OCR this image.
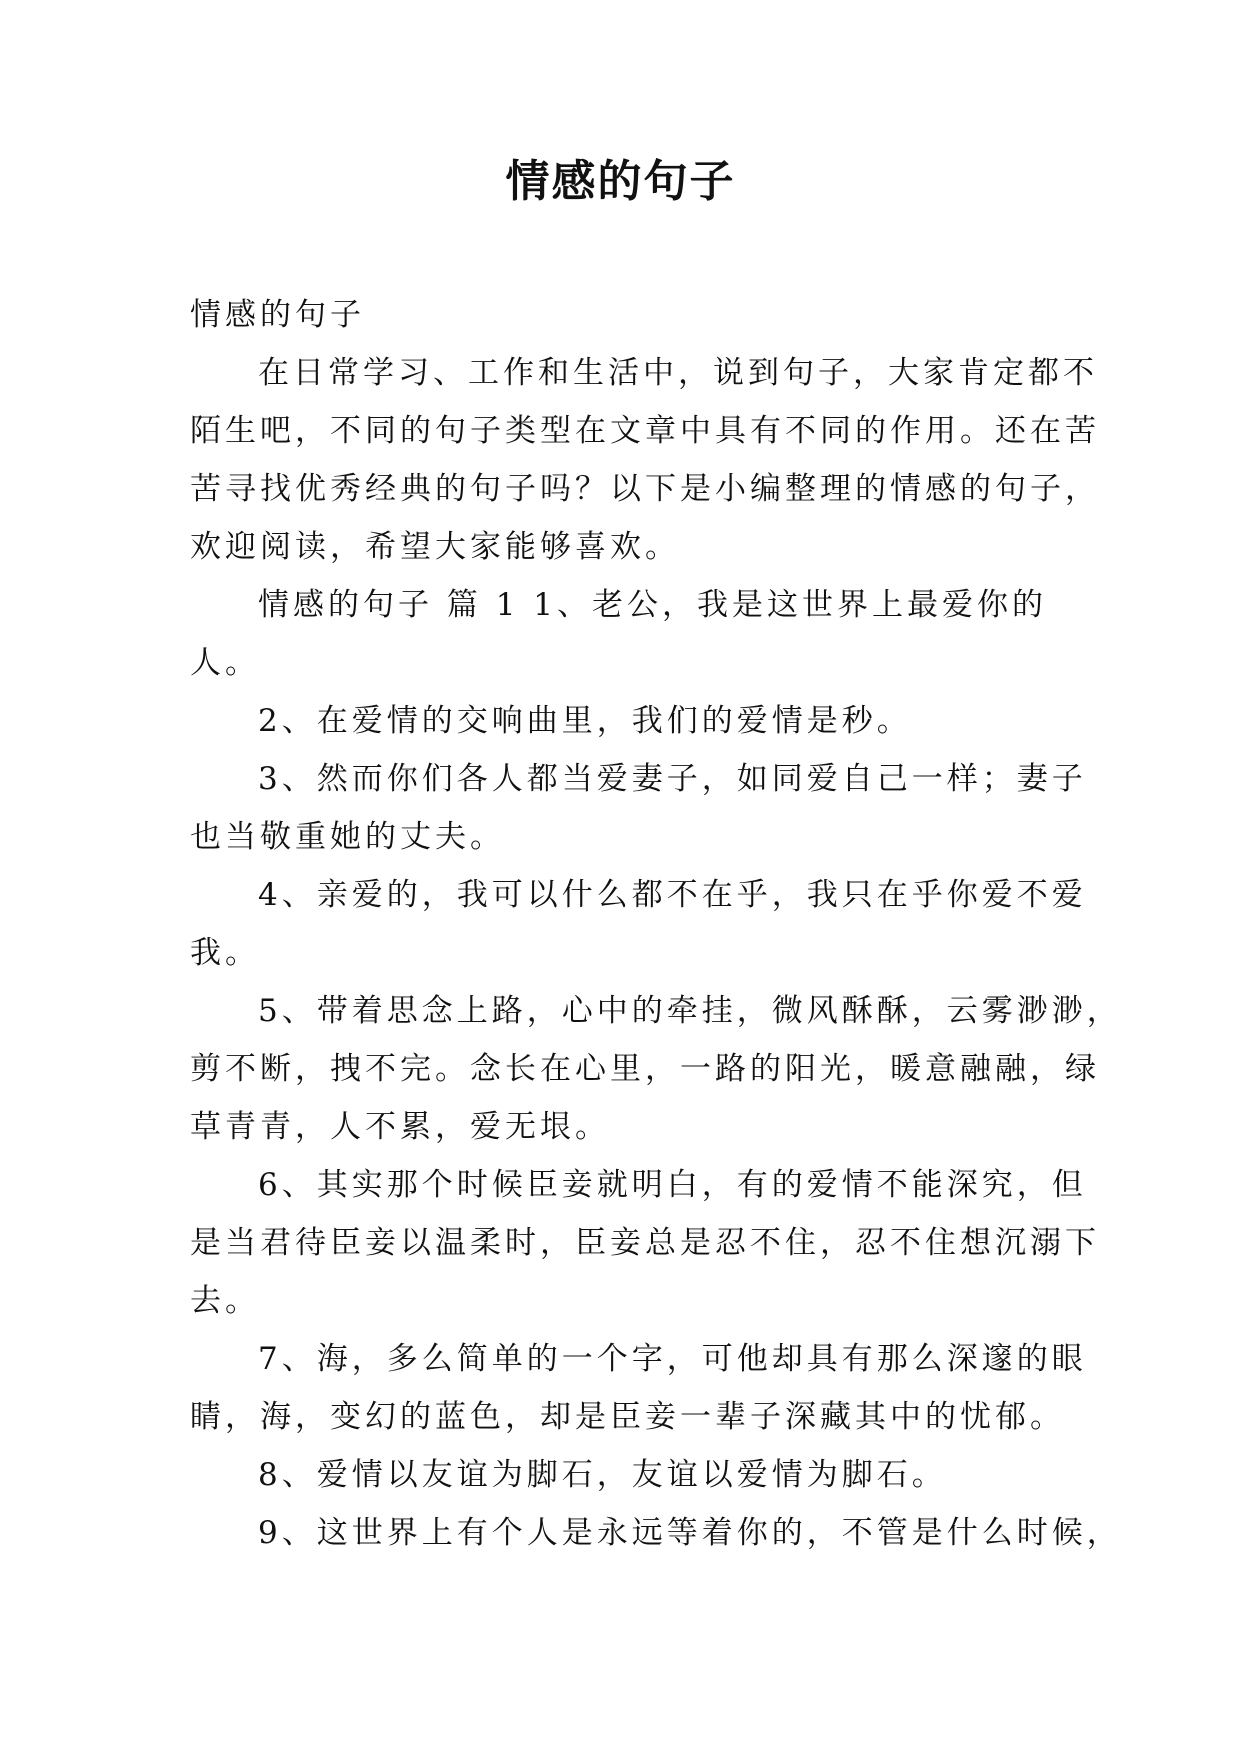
情感的句子

情感的句子

在日常学习、工作和生活中，说到句子，大家肯定都不

陌生吧，不同的句子类型在文章中具有不同的作用。还在苦

苦寻找优秀经典的句子吗？以下是小编整理的情感的句子，

欢迎阅读，希望大家能够喜欢。

情感的句子 篇 1 1、老公，我是这世界上最爱你的

人。

2、在爱情的交响曲里，我们的爱情是秒。

3、然而你们各人都当爱妻子，如同爱自己一样；妻子

也当敬重她的丈夫。

4、亲爱的，我可以什么都不在乎，我只在乎你爱不爱

我。

5、带着思念上路，心中的牵挂，微风酥酥，云雾渺渺，

剪不断，拽不完。念长在心里，一路的阳光，暖意融融，绿

草青青，人不累，爱无垠。

6、其实那个时候臣妾就明白，有的爱情不能深究，但

是当君待臣妾以温柔时，臣妾总是忍不住，忍不住想沉溺下

去。

7、海，多么简单的一个字，可他却具有那么深邃的眼

睛，海，变幻的蓝色，却是臣妾一辈子深藏其中的忧郁。

8、爱情以友谊为脚石，友谊以爱情为脚石。

9、这世界上有个人是永远等着你的，不管是什么时候，
